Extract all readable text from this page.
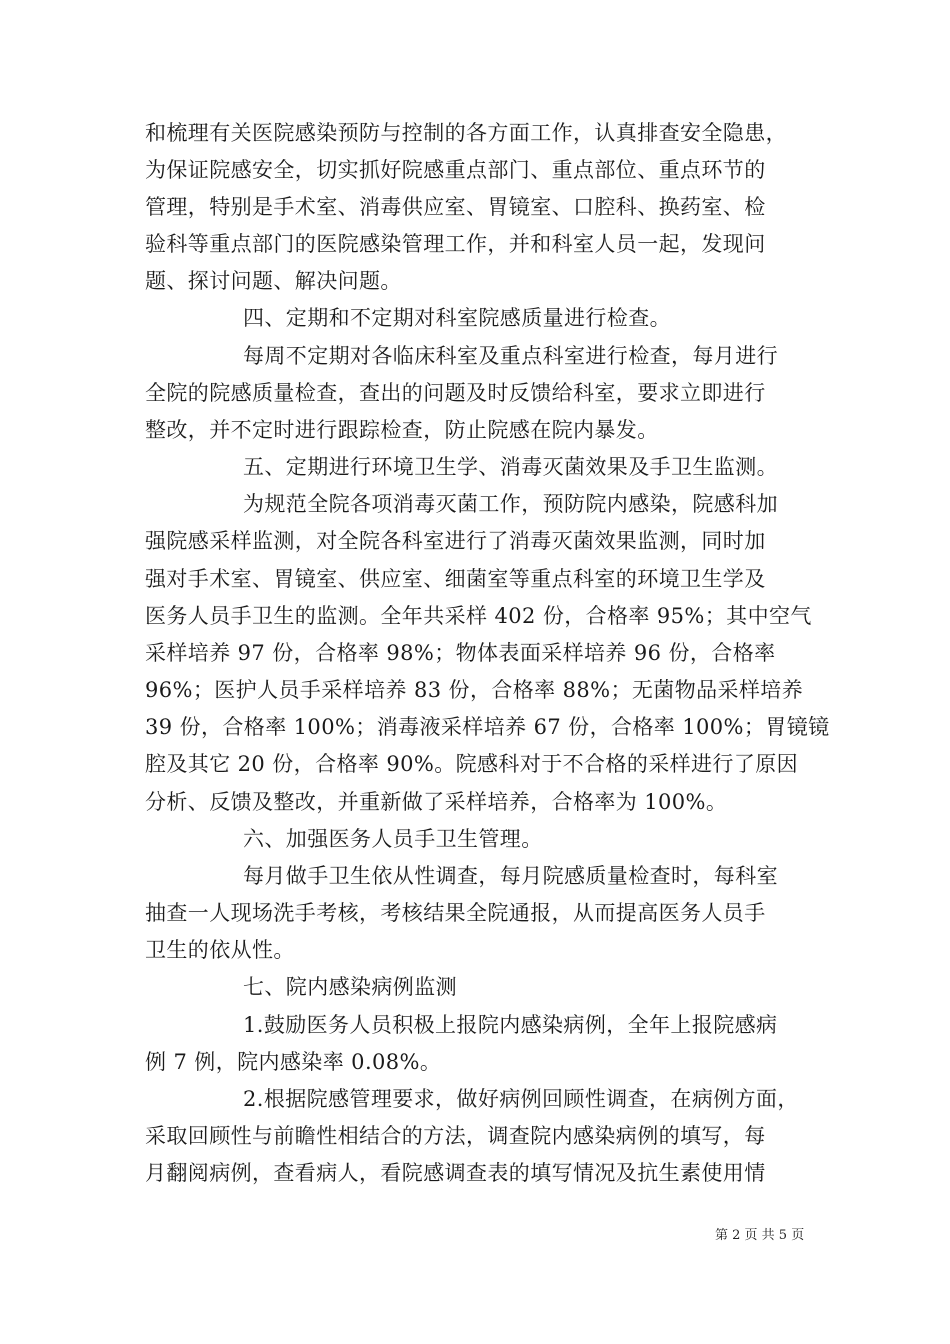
和梳理有关医院感染预防与控制的各方面工作，认真排查安全隐患，
为保证院感安全，切实抓好院感重点部门、重点部位、重点环节的
管理，特别是手术室、消毒供应室、胃镜室、口腔科、换药室、检
验科等重点部门的医院感染管理工作，并和科室人员一起，发现问
题、探讨问题、解决问题。
四、定期和不定期对科室院感质量进行检查。
每周不定期对各临床科室及重点科室进行检查，每月进行
全院的院感质量检查，查出的问题及时反馈给科室，要求立即进行
整改，并不定时进行跟踪检查，防止院感在院内暴发。
五、定期进行环境卫生学、消毒灭菌效果及手卫生监测。
为规范全院各项消毒灭菌工作，预防院内感染，院感科加
强院感采样监测，对全院各科室进行了消毒灭菌效果监测，同时加
强对手术室、胃镜室、供应室、细菌室等重点科室的环境卫生学及
医务人员手卫生的监测。全年共采样 402 份，合格率 95%；其中空气
采样培养 97 份，合格率 98%；物体表面采样培养 96 份，合格率
96%；医护人员手采样培养 83 份，合格率 88%；无菌物品采样培养
39 份，合格率 100%；消毒液采样培养 67 份，合格率 100%；胃镜镜
腔及其它 20 份，合格率 90%。院感科对于不合格的采样进行了原因
分析、反馈及整改，并重新做了采样培养，合格率为 100%。
六、加强医务人员手卫生管理。
每月做手卫生依从性调查，每月院感质量检查时，每科室
抽查一人现场洗手考核，考核结果全院通报，从而提高医务人员手
卫生的依从性。
七、院内感染病例监测
1.鼓励医务人员积极上报院内感染病例，全年上报院感病
例 7 例，院内感染率 0.08%。
2.根据院感管理要求，做好病例回顾性调查，在病例方面，
采取回顾性与前瞻性相结合的方法，调查院内感染病例的填写，每
月翻阅病例，查看病人，看院感调查表的填写情况及抗生素使用情
第 2 页 共 5 页
